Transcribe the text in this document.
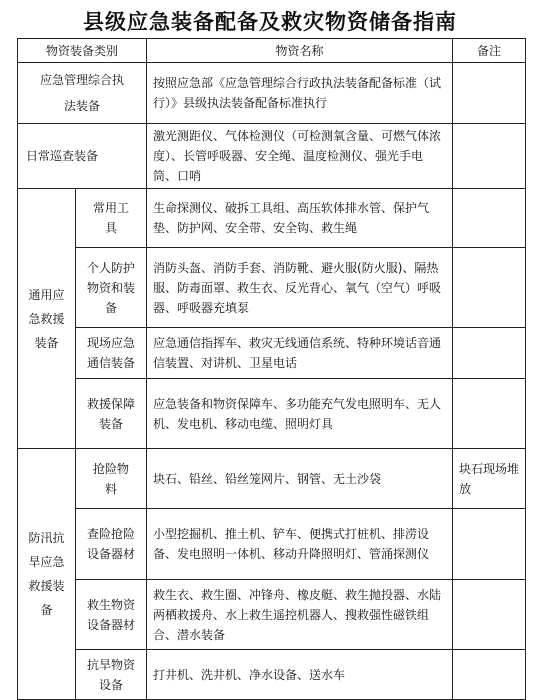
县级应急装备配备及救灾物资储备指南
物资装备类别		物资名称	备注
应急管理综合执法装备		按照应急部《应急管理综合行政执法装备配备标准（试行）》县级执法装备配备标准执行	
日常巡查装备		激光测距仪、气体检测仪（可检测氧含量、可燃气体浓度）、长管呼吸器、安全绳、温度检测仪、强光手电筒、口哨	
通用应急救援装备	常用工具	生命探测仪、破拆工具组、高压软体排水管、保护气垫、防护网、安全带、安全钩、救生绳	
	个人防护物资和装备	消防头盔、消防手套、消防靴、避火服(防火服)、隔热服、防毒面罩、救生衣、反光背心、氧气（空气）呼吸器、呼吸器充填泵	
	现场应急通信装备	应急通信指挥车、救灾无线通信系统、特种环境话音通信装置、对讲机、卫星电话	
	救援保障装备	应急装备和物资保障车、多功能充气发电照明车、无人机、发电机、移动电缆、照明灯具	
防汛抗旱应急救援装备	抢险物料	块石、铅丝、铅丝笼网片、钢管、无土沙袋	块石现场堆放
	查险抢险设备器材	小型挖掘机、推土机、铲车、便携式打桩机、排涝设备、发电照明一体机、移动升降照明灯、管涌探测仪	
	救生物资设备器材	救生衣、救生圈、冲锋舟、橡皮艇、救生抛投器、水陆两栖救援舟、水上救生遥控机器人、搜救强性磁铁组合、潜水装备	
	抗旱物资设备	打井机、洗井机、净水设备、送水车	
